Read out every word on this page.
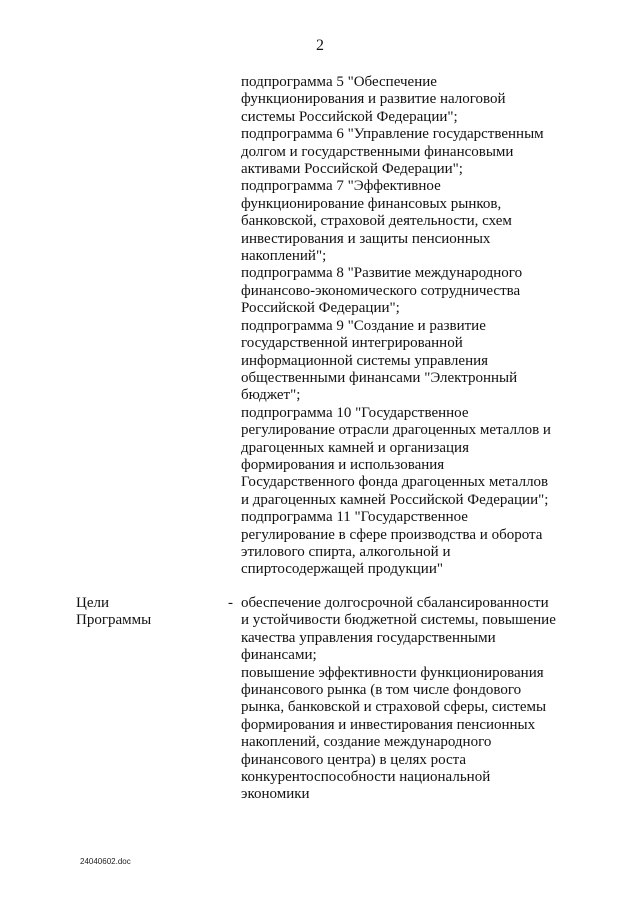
2
подпрограмма 5 "Обеспечение
функционирования и развитие налоговой
системы Российской Федерации";
подпрограмма 6 "Управление государственным
долгом и государственными финансовыми
активами Российской Федерации";
подпрограмма 7 "Эффективное
функционирование финансовых рынков,
банковской, страховой деятельности, схем
инвестирования и защиты пенсионных
накоплений";
подпрограмма 8 "Развитие международного
финансово-экономического сотрудничества
Российской Федерации";
подпрограмма 9 "Создание и развитие
государственной интегрированной
информационной системы управления
общественными финансами "Электронный
бюджет";
подпрограмма 10 "Государственное
регулирование отрасли драгоценных металлов и
драгоценных камней и организация
формирования и использования
Государственного фонда драгоценных металлов
и драгоценных камней Российской Федерации";
подпрограмма 11 "Государственное
регулирование в сфере производства и оборота
этилового спирта, алкогольной и
спиртосодержащей продукции"
Цели
Программы
- обеспечение долгосрочной сбалансированности
и устойчивости бюджетной системы, повышение
качества управления государственными
финансами;
повышение эффективности функционирования
финансового рынка (в том числе фондового
рынка, банковской и страховой сферы, системы
формирования и инвестирования пенсионных
накоплений, создание международного
финансового центра) в целях роста
конкурентоспособности национальной
экономики
24040602.doc
